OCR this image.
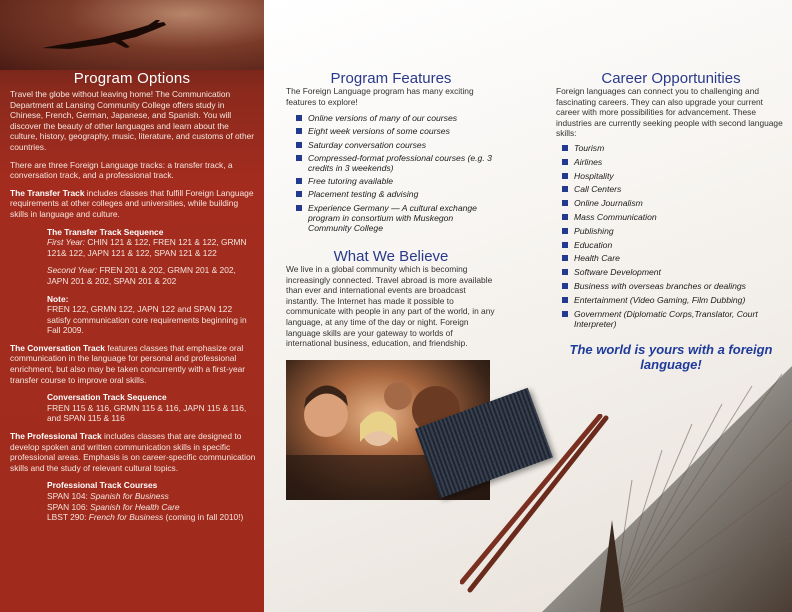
Program Options

Travel the globe without leaving home! The Communication Department at Lansing Community College offers study in Chinese, French, German, Japanese, and Spanish. You will discover the beauty of other languages and learn about the culture, history, geography, music, literature, and customs of other countries.

There are three Foreign Language tracks: a transfer track, a conversation track, and a professional track.

The Transfer Track includes classes that fulfill Foreign Language requirements at other colleges and universities, while building skills in language and culture.

The Transfer Track Sequence
First Year: CHIN 121 & 122, FREN 121 & 122, GRMN 121& 122, JAPN 121 & 122, SPAN 121 & 122
Second Year: FREN 201 & 202, GRMN 201 & 202, JAPN 201 & 202, SPAN 201 & 202
Note:
FREN 122, GRMN 122, JAPN 122 and SPAN 122 satisfy communication core requirements beginning in Fall 2009.

The Conversation Track features classes that emphasize oral communication in the language for personal and professional enrichment, but also may be taken concurrently with a first-year transfer course to improve oral skills.

Conversation Track Sequence
FREN 115 & 116, GRMN 115 & 116, JAPN 115 & 116, and SPAN 115 & 116

The Professional Track includes classes that are designed to develop spoken and written communication skills in specific professional areas. Emphasis is on career-specific communication skills and the study of relevant cultural topics.

Professional Track Courses
SPAN 104: Spanish for Business
SPAN 106: Spanish for Health Care
LBST 290: French for Business (coming in fall 2010!)
Program Features

The Foreign Language program has many exciting features to explore!

Online versions of many of our courses
Eight week versions of some courses
Saturday conversation courses
Compressed-format professional courses (e.g. 3 credits in 3 weekends)
Free tutoring available
Placement testing & advising
Experience Germany — A cultural exchange program in consortium with Muskegon Community College
What We Believe
We live in a global community which is becoming increasingly connected. Travel abroad is more available than ever and international events are broadcast instantly. The Internet has made it possible to communicate with people in any part of the world, in any language, at any time of the day or night. Foreign language skills are your gateway to worlds of international business, education, and friendship.
Career Opportunities

Foreign languages can connect you to challenging and fascinating careers. They can also upgrade your current career with more possibilities for advancement. These industries are currently seeking people with second language skills:

Tourism
Airlines
Hospitality
Call Centers
Online Journalism
Mass Communication
Publishing
Education
Health Care
Software Development
Business with overseas branches or dealings
Entertainment (Video Gaming, Film Dubbing)
Government (Diplomatic Corps,Translator, Court Interpreter)
The world is yours with a foreign language!
